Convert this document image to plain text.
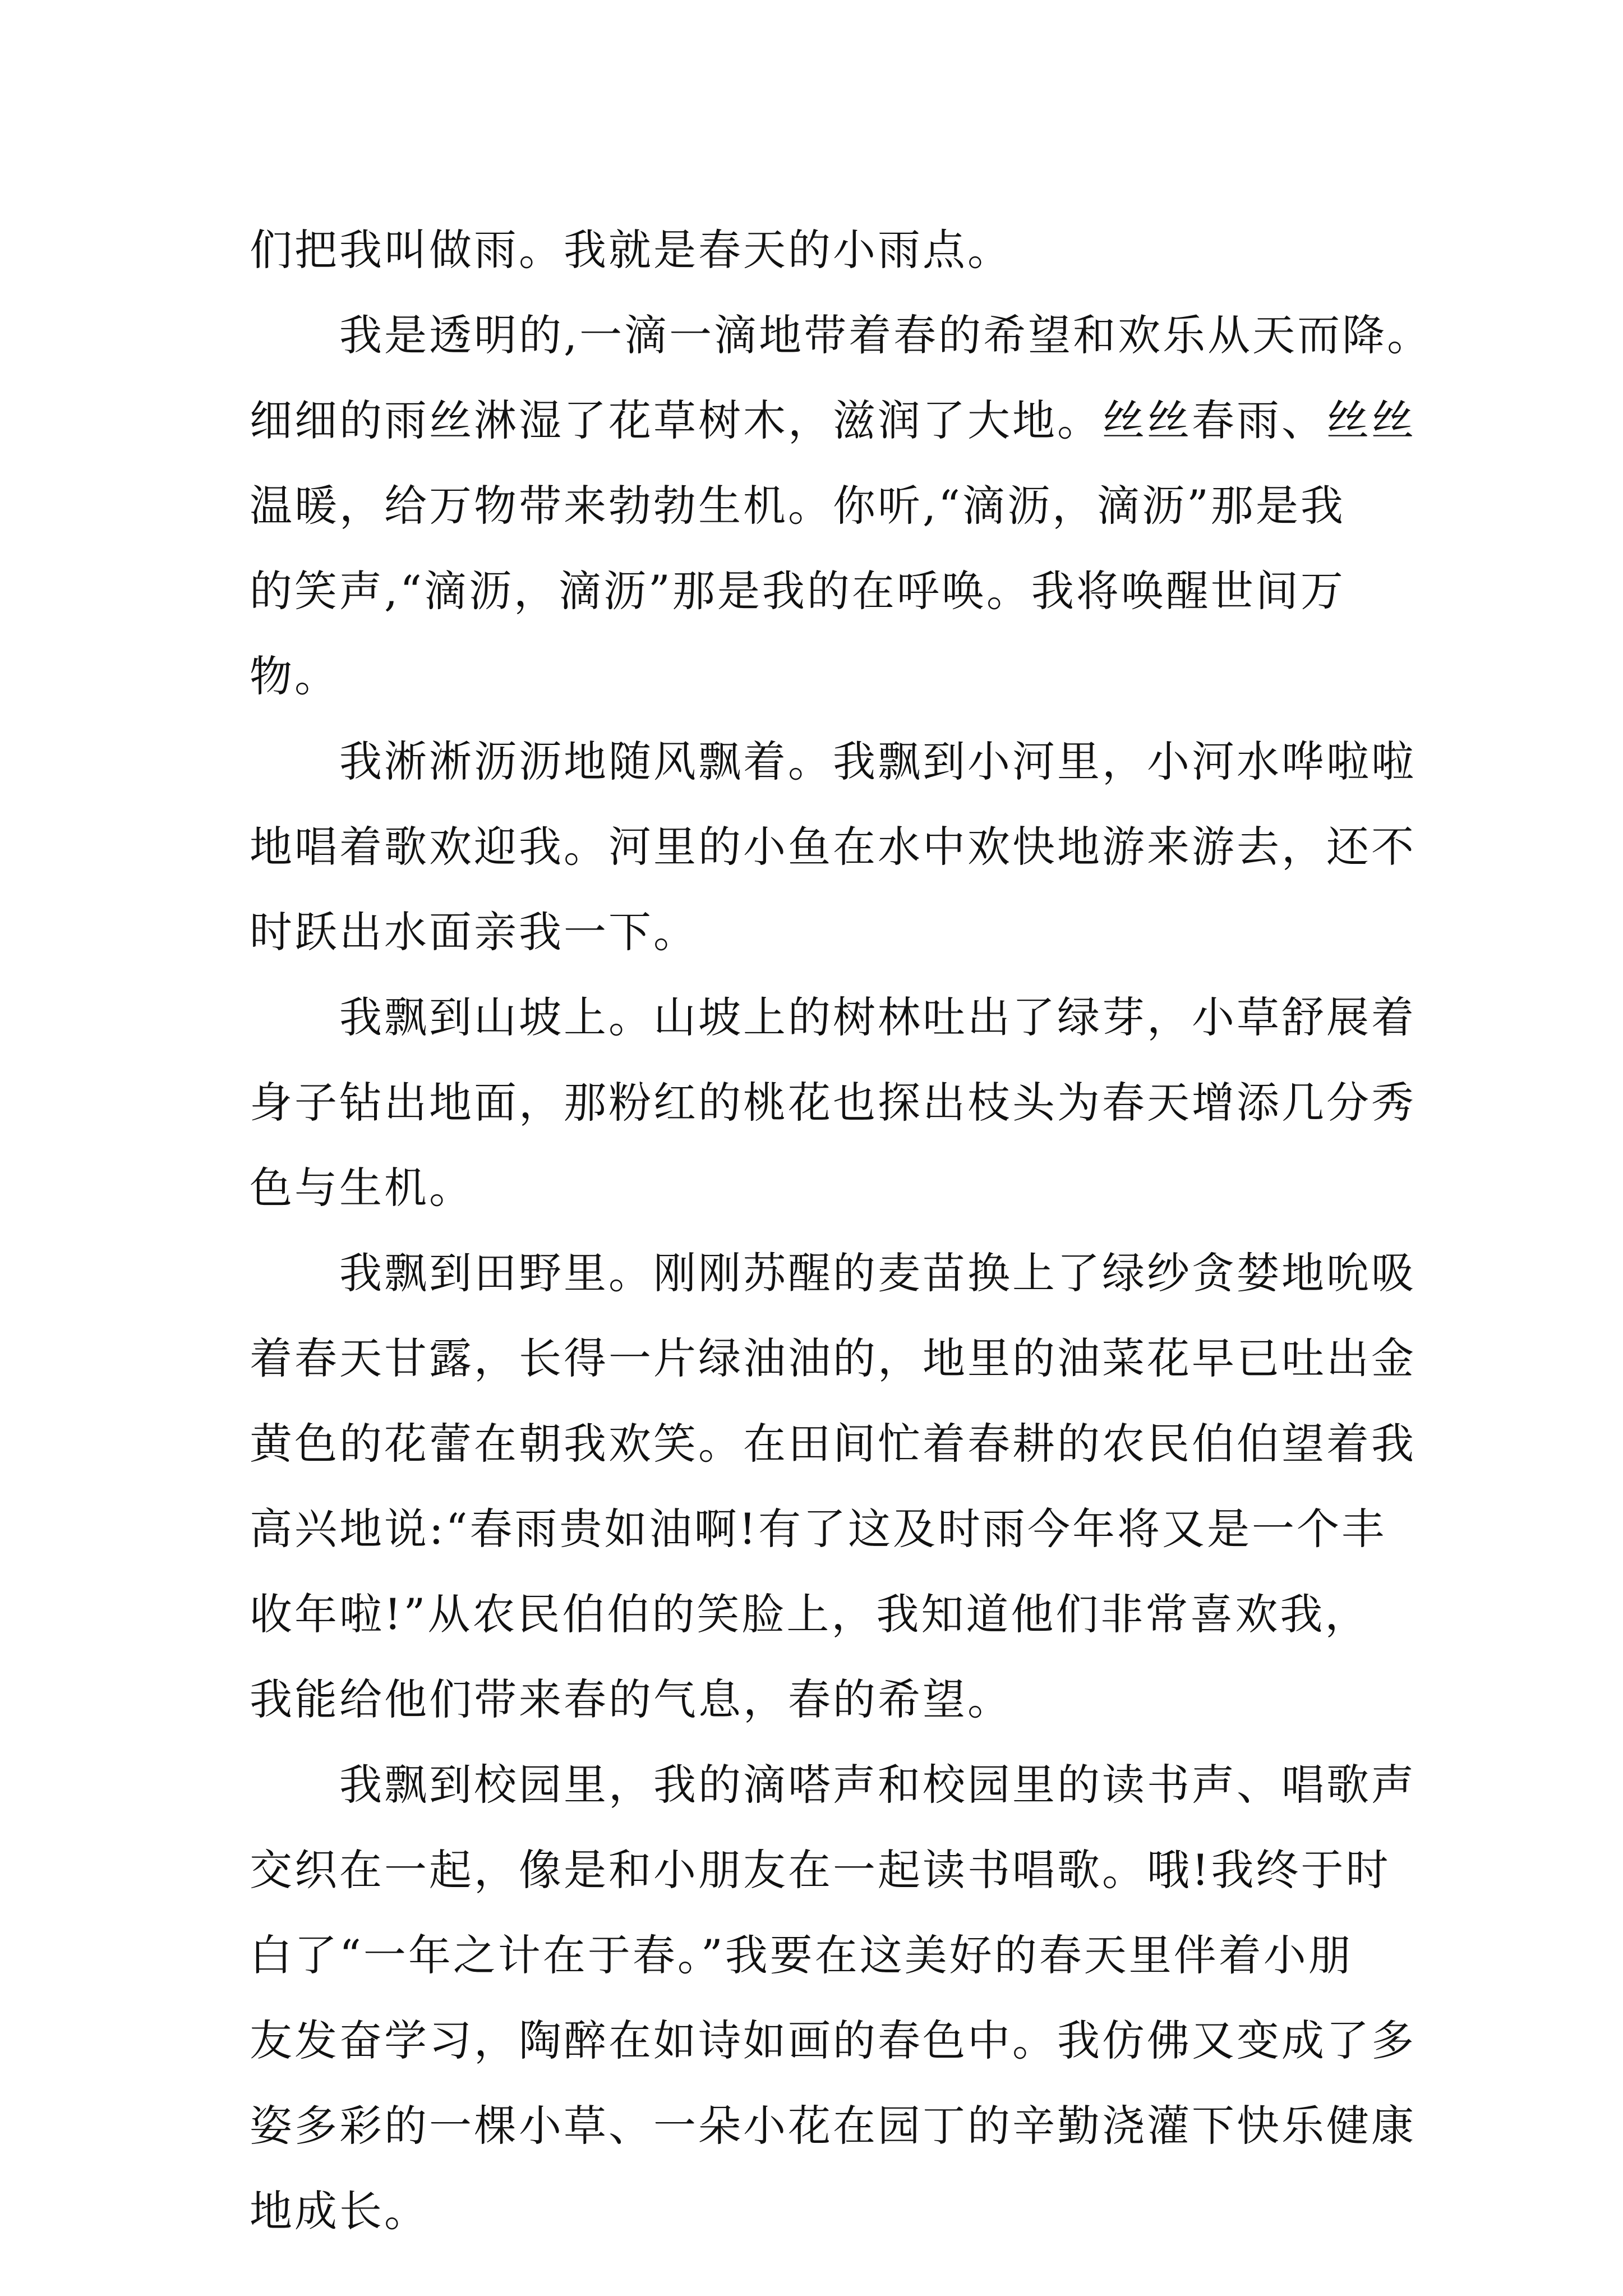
们把我叫做雨。我就是春天的小雨点。
我是透明的,一滴一滴地带着春的希望和欢乐从天而降。
细细的雨丝淋湿了花草树木，滋润了大地。丝丝春雨、丝丝
温暖，给万物带来勃勃生机。你听,“滴沥，滴沥”那是我
的笑声,“滴沥，滴沥”那是我的在呼唤。我将唤醒世间万
物。
我淅淅沥沥地随风飘着。我飘到小河里，小河水哗啦啦
地唱着歌欢迎我。河里的小鱼在水中欢快地游来游去，还不
时跃出水面亲我一下。
我飘到山坡上。山坡上的树林吐出了绿芽，小草舒展着
身子钻出地面，那粉红的桃花也探出枝头为春天增添几分秀
色与生机。
我飘到田野里。刚刚苏醒的麦苗换上了绿纱贪婪地吮吸
着春天甘露，长得一片绿油油的，地里的油菜花早已吐出金
黄色的花蕾在朝我欢笑。在田间忙着春耕的农民伯伯望着我
高兴地说:“春雨贵如油啊!有了这及时雨今年将又是一个丰
收年啦!”从农民伯伯的笑脸上，我知道他们非常喜欢我，
我能给他们带来春的气息，春的希望。
我飘到校园里，我的滴嗒声和校园里的读书声、唱歌声
交织在一起，像是和小朋友在一起读书唱歌。哦!我终于时
白了“一年之计在于春。”我要在这美好的春天里伴着小朋
友发奋学习，陶醉在如诗如画的春色中。我仿佛又变成了多
姿多彩的一棵小草、一朵小花在园丁的辛勤浇灌下快乐健康
地成长。
